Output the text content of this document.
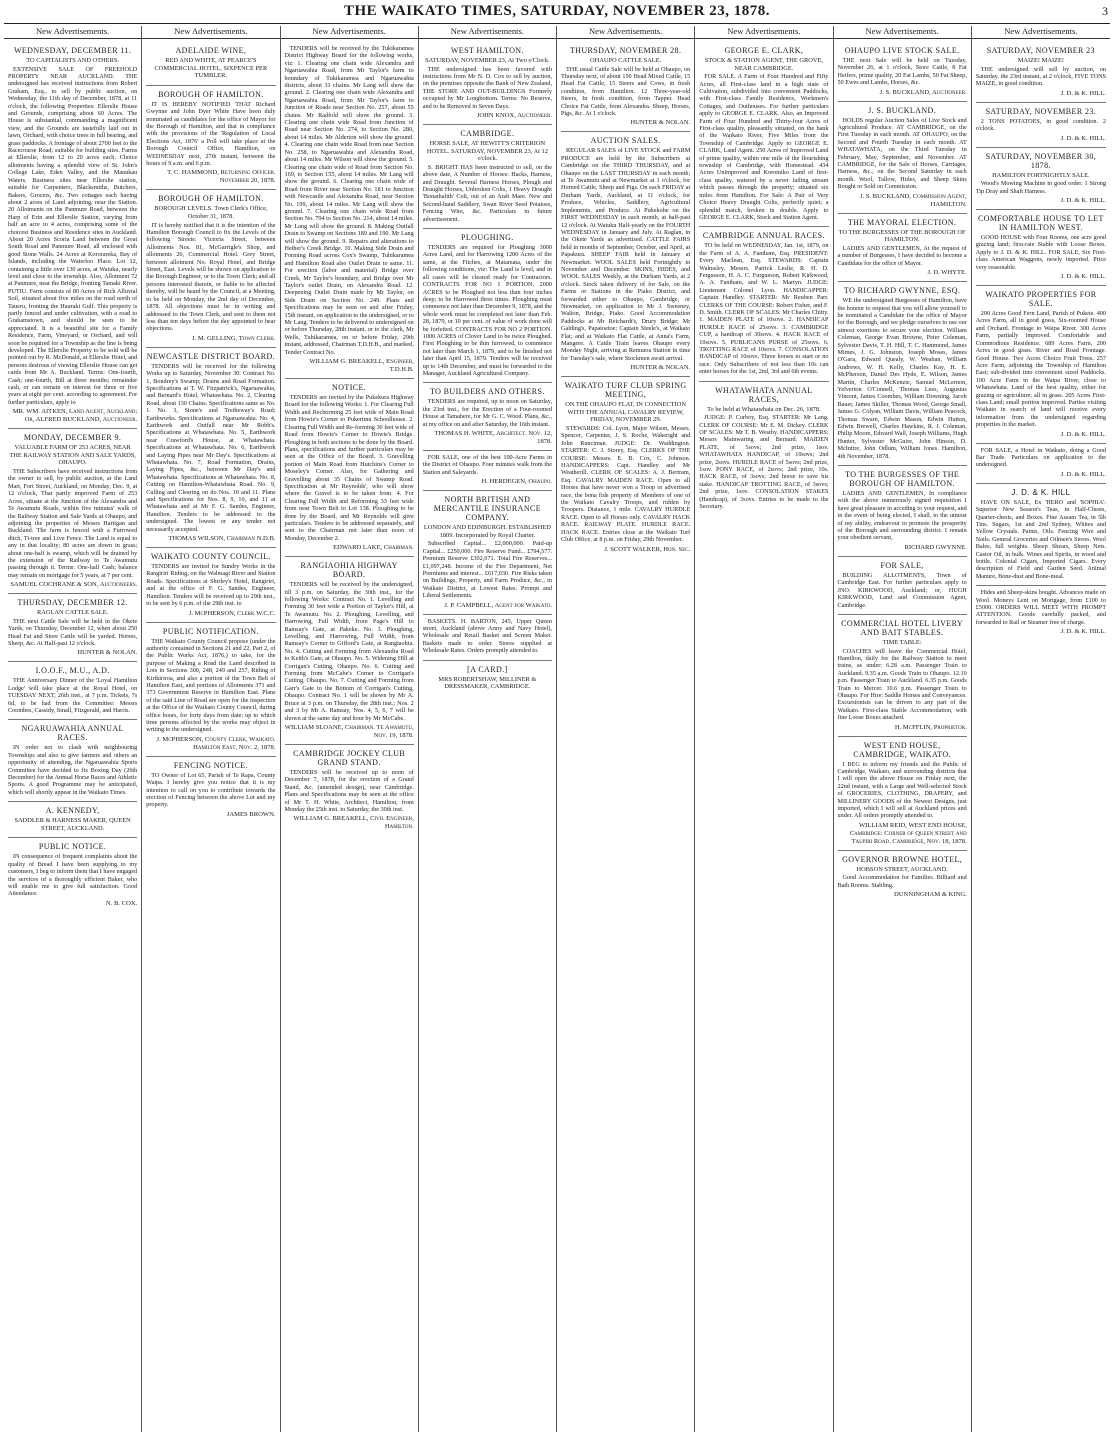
THE WAIKATO TIMES, SATURDAY, NOVEMBER 23, 1878.	3
New Advertisements.
WEDNESDAY, DECEMBER 11.
TO CAPITALISTS AND OTHERS.

EXTENSIVE SALE OF FREEHOLD PROPERTY NEAR AUCKLAND. THE undersigned has received instructions from Robert Graham, Esq., to sell by public auction, on Wednesday, the 11th day of December, 1878, at 11 o'clock, the following Properties: Ellerslie House and Grounds, comprising about 60 Acres. The House is substantial, commanding a magnificent view, and the Grounds are tastefully laid out in lawn, Orchard, with choice trees in full bearing, and grass paddocks. A frontage of about 2700 feet to the Racecourse Road; suitable for building sites. Farms at Ellerslie, from 12 to 20 acres each. Choice allotments having a splendid view of St. John's College Lake, Eden Valley, and the Manukau Waters. Business sites near Ellerslie station, suitable for Carpenters, Blacksmiths, Butchers, Bakers, Grocers, &c. Two cottages each having about 2 acres of Land adjoining, near the Station. 20 Allotments on the Panmure Road, between the Harp of Erin and Ellerslie Station, varying from half an acre to 4 acres, comprising some of the choicest Business and Residence sites in Auckland. About 20 Acres Scoria Land between the Great South Road and Panmure Road, all enclosed with good Stone Walls. 24 Acres at Kororareka, Bay of Islands, including the Waterloo Place. Lot 12, containing a little over 130 acres, at Waiuku, nearly level and close to the township. Also, Allotment 72 at Panmure, near the Bridge, fronting Tamaki River. PUTIU. Farm consists of 80 Acres of Rich Alluvial Soil, situated about five miles on the road north of Taueru, fronting the Hauraki Gulf. This property is partly fenced and under cultivation, with a road to Grahamstown, and should be seen to be appreciated. It is a beautiful site for a Family Residence, Farm, Vineyard, or Orchard, and will soon be required for a Township as the line is being developed. The Ellerslie Property to be sold will be pointed out by R. McDonald, at Ellerslie Hotel, and persons desirous of viewing Ellerslie House can get cards from Mr A. Buckland. Terms: One-fourth, Cash; one-fourth, Bill at three months; remainder cash, or can remain on interest for three or five years at eight per cent. according to agreement. For further particulars, apply to

MR. WM. AITKEN, Land Agent, Auckland; Or, ALFRED BUCKLAND, Auctioneer.
MONDAY, DECEMBER 9.
VALUABLE FARM OF 253 ACRES, NEAR THE RAILWAY STATION AND SALE YARDS, OHAUPO.

THE Subscribers have received instructions from the owner to sell, by public auction, at the Land Mart, Fort Street, Auckland, on Monday, Dec. 9, at 12 o'clock, That partly improved Farm of 253 Acres, situate at the Junction of the Alexandra and Te Awamutu Roads, within five minutes' walk of the Railway Station and Sale Yards at Ohaupo, and adjoining the properties of Messrs Hartigan and Buckland. The farm is fenced with a Furrowed ditch, Ti-tree and Live Fence. The Land is equal to any in that locality; 80 acres are down in grass; about one-half is swamp, which will be drained by the extension of the Railway to Te Awamutu passing through it. Terms: One-half Cash; balance may remain on mortgage for 5 years, at 7 per cent.

SAMUEL COCHRANE & SON, Auctioneers.
THURSDAY, DECEMBER 12.
RAGLAN CATTLE SALE.

THE next Cattle Sale will be held in the Okete Yards, on Thursday, December 12, when about 250 Head Fat and Store Cattle will be yarded. Horses, Sheep, &c. At Half-past 12 o'clock.

HUNTER & NOLAN.
I.O.O.F., M.U., A.D.

THE Anniversary Dinner of the 'Loyal Hamilton Lodge' will take place at the Royal Hotel, on TUESDAY NEXT, 26th inst., at 7 p.m. Tickets, 7s 6d, to be had from the Committee: Messrs Coombes, Cassidy, Small, Fitzgerald, and Harris.

NGARUAWAHIA ANNUAL RACES.

IN order not to clash with neighbouring Townships and also to give farmers and others an opportunity of attending, the Ngaruawahia Sports Committee have decided to fix Boxing Day (26th December) for the Annual Horse Races and Athletic Sports. A good Programme may be anticipated, which will shortly appear in the Waikato Times.

A. KENNEDY,
SADDLER & HARNESS MAKER, QUEEN STREET, AUCKLAND.
PUBLIC NOTICE.

IN consequence of frequent complaints about the quality of Bread I have been supplying to my customers, I beg to inform them that I have engaged the services of a thoroughly efficient Baker, who will enable me to give full satisfaction. Good Attendance.

N. B. COX.
New Advertisements.
ADELAIDE WINE,
RED AND WHITE, AT PEARCE'S COMMERCIAL HOTEL, SIXPENCE PER TUMBLER.
BOROUGH OF HAMILTON.

IT IS HEREBY NOTIFIED THAT Richard Gwynne and John Dyer White Have been duly nominated as candidates for the office of Mayor for the Borough of Hamilton, and that in compliance with the provisions of the 'Regulation of Local Elections Act, 1876' a Poll will take place at the Borough Council Office, Hamilton, on WEDNESDAY next, 27th instant, between the hours of 9 a.m. and 6 p.m.

T. C. HAMMOND, Returning Officer. November 20, 1878.
BOROUGH OF HAMILTON.
BOROUGH LEVELS. Town Clerk's Office, October 31, 1878.

IT is hereby notified that it is the intention of the Hamilton Borough Council to fix the Levels of the following Streets: Victoria Street, between Allotments Nos. 81, McGarrigle's Shop, and allotments 26, Commercial Hotel. Grey Street, between allotment No. Royal Hotel, and Bridge Street, East. Levels will be shown on application to the Borough Engineer, or to the Town Clerk; and all persons interested therein, or liable to be affected thereby, will be heard by the Council, at a Meeting, to be held on Monday, the 2nd day of December, 1878. All objections must be in writing and addressed to the Town Clerk, and sent to them not less than ten days before the day appointed to hear objections.

J. M. GELLING, Town Clerk.
NEWCASTLE DISTRICT BOARD.

TENDERS will be received for the following Works up to Saturday, November 30: Contract No. 1, Boudrey's Swamp; Drains and Road Formation. Specifications at T. W. Fitzpatrick's, Ngaruawahia, and Bernard's Hotel, Whatawhata. No. 2, Clearing Road, about 130 Chains. Specifications same as No. 1. No. 3, Stone's and Tretheway's Road; Earthworks. Specifications at Ngaruawahia. No. 4, Earthwork and Outfall near Mr Robb's. Specifications at Whatawhata. No. 5, Earthwork near Crawford's House, at Whatawhata. Specifications at Whatawhata. No. 6, Earthwork and Laying Pipes near Mr Day's. Specifications at Whatawhata. No. 7, Road Formation, Drains, Laying Pipes, &c., between Mr Day's and Whatawhata. Specifications at Whatawhata. No. 8, Cutting on Hamilton-Whatawhata Road. No. 9, Culling and Clearing on do Nos. 10 and 11. Plans and Specifications for Nos. 8, 9, 10, and 11 at Whatawhata and at Mr F. G. Sandes, Engineer, Hamilton. Tenders to be addressed to the undersigned. The lowest or any tender not necessarily accepted.

THOMAS WILSON, Chairman N.D.B.
WAIKATO COUNTY COUNCIL.

TENDERS are invited for Sundry Works in the Rangiriri Riding, on the Walmagi River and Station Roads. Specifications at Shirley's Hotel, Rangiriri, and at the office of F. G. Sandes, Engineer, Hamilton. Tenders will be received up to 29th inst., to be sent by 6 p.m. of the 29th inst. to

J. McPHERSON, Clerk W.C.C.
PUBLIC NOTIFICATION.

THE Waikato County Council propose (under the authority contained in Sections 21 and 22, Part 2, of the Public Works Act, 1876,) to take, for the purpose of Making a Road the Land described in Lots in Sections 300, 248, 249 and 257, Riding of Kirikiriroa, and also a portion of the Town Belt of Hamilton East, and portions of Allotments 371 and 373 Government Reserve in Hamilton East. Plans of the said Line of Road are open for the inspection at the Office of the Waikato County Council, during office hours, for forty days from date; up to which time persons affected by the works may object in writing to the undersigned.

J. McPHERSON, County Clerk, Waikato. Hamilton East, Nov. 2, 1878.
FENCING NOTICE.

TO Owner of Lot 65, Parish of Te Rapa, County Waipa. I hereby give you notice that it is my intention to call on you to contribute towards the erection of Fencing between the above Lot and my property.

JAMES BROWN.
New Advertisements.

TENDERS will be received by the Tukikaramea District Highway Board for the following works, viz: 1. Clearing one chain wide Alexandra and Ngaruawahia Road, from Mr Taylor's farm to boundary of Tukikaramea and Ngaruawahia districts, about 31 chains. Mr Lang will show the ground. 2. Clearing one chain wide Alexandra and Ngaruawahia Road, from Mr Taylor's farm to Junction of Roads near Section No. 257, about 55 chains. Mr Radfold will show the ground. 3. Clearing one chain wide Road from Junction of Road near Section No. 274, to Section No. 280, about 14 miles. Mr Alderton will show the ground. 4. Clearing one chain wide Road from near Section No. 258, to Ngaruawahia and Alexandra Road, about 14 miles. Mr Wilson will show the ground. 5. Clearing one chain wide of Road from Section No. 169, to Section 155, about 14 miles. Mr Lang will show the ground. 6. Clearing one chain wide of Road from River near Section No. 181 to Junction with Newcastle and Alexandra Road, near Section No. 199, about 14 miles. Mr Lang will show the ground. 7. Clearing one chain wide Road from Section No. 794 to Section No. 214, about 14 miles. Mr Lang will show the ground. 8. Making Outfall Drain to Swamp on Sections 189 and 190. Mr Lang will show the ground. 9. Repairs and alterations to Hether's Creek Bridge. 10. Making Side Drain and Forming Road across Cox's Swamp, Tuhikaramea and Hamilton Road also Outlet Drain to same. 11. For erection (labor and material) Bridge over Creek, Mr Taylor's boundary, and Bridge over Mr Taylor's outlet Drain, on Alexandra Road. 12. Deepening Outlet Drain made by Mr Taylor, on Side Drain on Section No. 249. Plans and Specifications may be seen on and after Friday, 15th instant, on application to the undersigned, or to Mr Lang. Tenders to be delivered to undersigned on or before Thursday, 28th instant, or to the clerk, Mr Wells, Tuhikaramea, on or before Friday, 29th instant, addressed, Chairman T.D.H.B., and marked, Tender Contract No.

WILLIAM G. BREAKELL, Engineer, T.D.H.B.
NOTICE.

TENDERS are invited by the Pukekura Highway Board for the following Works: 1. For Clearing Full Width and Rechorming 25 feet wide of Main Road from Howie's Corner to Pukerimu Schoolhouse. 2. Clearing Full Width and Re-forming 30 feet wide of Road from Howie's Corner to Howie's Bridge. Ploughing in both sections to be done by the Board. Plans, specifications and further particulars may be seen at the Office of the Board. 3. Gravelling portion of Main Road from Hutchins's Corner to Moseley's Corner. Also, for Gathering and Gravelling about 35 Chains of Swamp Road. Specification at Mr Reynolds', who will show where the Gravel is to be taken from. 4. For Clearing Full Width and Reforming 33 feet wide from near Town Belt to Lot 138. Ploughing to be done by the Board, and Mr Reynolds will give particulars. Tenders to be addressed separately, and sent to the Chairman not later than noon of Monday, December 2.

EDWARD LAKE, Chairman.
RANGIAOHIA HIGHWAY BOARD.

TENDERS will be received by the undersigned, till 3 p.m. on Saturday, the 30th inst., for the following Works: Contract No. 1. Levelling and Forming 30 feet wide a Portion of Taylor's Hill, at Te Awamutu. No. 2. Ploughing, Levelling, and Harrowing, Full Width, from Page's Hill to Ramsay's Gate, at Pakeke. No. 3. Ploughing, Levelling, and Harrowing, Full Width, from Ramsay's Corner to Gifford's Gate, at Rangiaohia. No. 4. Cutting and Forming from Alexandra Road to Keith's Gate, at Ohaupo. No. 5. Widening Hill at Corrigan's Cutting, Ohaupo. No. 6. Cutting and Forming from McCabe's Corner to Corrigan's Cutting, Ohaupo. No. 7. Cutting and Forming from Garr's Gate to the Bottom of Corrigan's Cutting, Ohaupo. Contract No. 1 will be shown by Mr A. Bruce at 3 p.m. on Thursday, the 28th inst.; Nos. 2 and 3 by Mr A. Ramsay, Nos. 4, 5, 6, 7 will be shown at the same day and hour by Mr McCabe.

WILLIAM SLOANE, Chairman. Te Awamutu, Nov. 19, 1878.
CAMBRIDGE JOCKEY CLUB GRAND STAND.

TENDERS will be received up to noon of December 7, 1878, for the erection of a Grand Stand, &c. (amended design), near Cambridge. Plans and Specifications may be seen at the office of Mr T. H. White, Architect, Hamilton, from Monday the 25th inst. to Saturday, the 30th inst.

WILLIAM G. BREAKELL, Civil Engineer, Hamilton.
New Advertisements.
WEST HAMILTON.
SATURDAY, NOVEMBER 23, At Two o'Clock.

THE undersigned has been favored with instructions from Mr N. D. Cox to sell by auction, on the premises opposite the Bank of New Zealand, THE STORE AND OUT-BUILDINGS Formerly occupied by Mr Longbottom. Terms: No Reserve, and to be Removed in Seven Days.

JOHN KNOX, Auctioneer.
CAMBRIDGE.
HORSE SALE, AT HEWITT'S CRITERION HOTEL. SATURDAY, NOVEMBER 23, At 12 o'clock.

S. BRIGHT HAS been instructed to sell, on the above date, A Number of Horses: Hacks, Harness, and Draught. Several Harness Horses, Plough and Draught Horses, Unbroken Colts, 1 Heavy Draught 'Bonathalith' Colt, out of an Arab Mare. New and Second-hand Saddlery, Swan River Seed Potatoes, Fencing Wire, &c. Particulars in future advertisement.

PLOUGHING.

TENDERS are required for Ploughing 3000 Acres Land, and for Harrowing 1200 Acres of the same, at the Fitches, at Matamata, under the following conditions, viz: The Land is level, and in all cases will be cleared ready for Contractors. CONTRACTS FOR NO 1 PORTION. 2000 ACRES to be Ploughed not less than four inches deep; to be Harrowed three times. Ploughing must commence not later than December 9, 1878, and the whole work must be completed not later than Feb. 28, 1879, or 10 per cent. of value of work done will be forfeited. CONTRACTS FOR NO 2 PORTION. 1000 ACRES of Clover Land to be twice Ploughed. First Ploughing to be thin furrowed, to commence not later than March 1, 1879, and to be finished not later than April 15, 1879. Tenders will be received up to 14th December, and must be forwarded to the Manager, Auckland Agricultural Company.

TO BUILDERS AND OTHERS.

TENDERS are required, up to noon on Saturday, the 23rd inst., for the Erection of a Four-roomed House at Tamahere, for Mr G. C. Wood. Plans, &c., at my office on and after Saturday, the 16th instant.

THOMAS H. WHITE, Architect. Nov. 12, 1878.

FOR SALE, one of the best 100-Acre Farms in the District of Ohaupo. Four minutes walk from the Station and Saleyards.

H. HERDEGEN, Ohaupo.
NORTH BRITISH AND MERCANTILE INSURANCE COMPANY.
LONDON AND EDINBURGH. ESTABLISHED 1809. Incorporated by Royal Charter.

Subscribed Capital... £2,000,000. Paid-up Capital... £250,000. Fire Reserve Fund... £794,577. Premium Reserve £302,671. Total Fire Reserves... £1,097,248. Income of the Fire Department, Net Premiums and interest... £617,030. Fire Risks taken on Buildings, Property, and Farm Produce, &c., in Waikato District, at Lowest Rates. Prompt and Liberal Settlements.

J. P. CAMPBELL, Agent for Waikato.

BASKETS. H. BARTON, 245, Upper Queen street, Auckland (above Army and Navy Hotel), Wholesale and Retail Basket and Screen Maker. Baskets made to order. Stores supplied at Wholesale Rates. Orders promptly attended to.

[A CARD.]
MRS ROBERTSHAW, MILLINER & DRESSMAKER, CAMBRIDGE.
New Advertisements.
THURSDAY, NOVEMBER 28.
OHAUPO CATTLE SALE.

THE usual Cattle Sale will be held at Ohaupo, on Thursday next, of about 150 Head Mixed Cattle, 15 Head Fat Cattle, 15 Steers and Cows, in fresh condition, from Hamilton. 12 Three-year-old Steers, In fresh condition, from Tapper. Head Choice Fat Cattle, from Alexandra. Sheep, Horses, Pigs, &c. At 1 o'clock.

HUNTER & NOLAN.
AUCTION SALES.

REGULAR SALES of LIVE STOCK and FARM PRODUCE are held by the Subscribers at Cambridge on the THIRD THURSDAY, and at Ohaupo on the LAST THURSDAY in each month; at Te Awamutu and at Newmarket at 1 o'clock, for Horned Cattle, Sheep and Pigs. On each FRIDAY at Durham Yards, Auckland, at 11 o'clock, for Produce, Vehicles, Saddlery, Agricultural Implements, and Produce. At Pukekohe on the FIRST WEDNESDAY in each month, at half-past 12 o'clock. At Waiuku Half-yearly on the FOURTH WEDNESDAY in January and July. At Raglan, in the Okete Yards as advertised. CATTLE FAIRS held in months of September, October, and April, at Papakura. SHEEP FAIR held in January at Newmarket. WOOL SALES held Fortnightly in November and December. SKINS, HIDES, and WOOL SALES Weekly, at the Durham Yards, at 2 o'clock. Stock taken delivery of for Sale, on the Farms or Stations in the Piako District, and forwarded either to Ohaupo, Cambridge, or Newmarket, on application to Mr J. Sweeney, Walton, Bridge, Piako. Good Accommodation Paddocks at Mr Reichardt's, Drury Bridge; Mr Galding's, Papatoetoe; Captain Steele's, at Waikato Flat; and at Waikato Flat Cattle, at Anna's Farm, Mangere. A Cattle Train leaves Ohaupo every Monday Night, arriving at Remuera Station in time for Tuesday's sale, where Stockmen await arrival.

HUNTER & NOLAN.
WAIKATO TURF CLUB SPRING MEETING,
ON THE OHAUPO FLAT, IN CONNECTION WITH THE ANNUAL CAVALRY REVIEW, FRIDAY, NOVEMBER 29.

STEWARDS: Col. Lyon, Major Wilson, Messrs. Spencer, Carpenter, J. S. Roche, Wakeright and John Runciman. JUDGE: Dr. Waddington. STARTER: C. J. Storey, Esq. CLERKS OF THE COURSE: Messrs. E. B. Cox, C. Johnson. HANDICAPPERS: Capt. Handley and Mr Weatherill. CLERK OF SCALES: A. J. Bertram, Esq. CAVALRY MAIDEN RACE. Open to all Horses that have never won a Troop or advertised race, the bona fide property of Members of one of the Waikato Cavalry Troops, and ridden by Troopers. Distance, 1 mile. CAVALRY HURDLE RACE. Open to all Horses only. CAVALRY HACK RACE. RAILWAY PLATE. HURDLE RACE. HACK RACE. Entries close at the Waikato Turf Club Office, at 8 p.m. on Friday, 29th November.

J. SCOTT WALKER, Hon. Sec.
New Advertisements.
GEORGE E. CLARK,
STOCK & STATION AGENT, THE GROVE, NEAR CAMBRIDGE.

FOR SALE. A Farm of Four Hundred and Fifty Acres, all First-class land in a high state of Cultivation, subdivided into convenient Paddocks, with First-class Family Residence, Workmen's Cottages, and Outhouses. For further particulars apply to GEORGE E. CLARK. Also, an Improved Farm of Four Hundred and Thirty-four Acres of First-class quality, pleasantly situated, on the bank of the Waikato River, Five Miles from the Township of Cambridge. Apply to GEORGE E. CLARK, Land Agent. 250 Acres of Improved Land of prime quality, within one mile of the flourishing township of Cambridge, with Homestead. 434 Acres Unimproved and Koromiko Land of first-class quality, watered by a never failing stream which passes through the property; situated six miles from Hamilton. For Sale: A Pair of Very Choice Heavy Draught Colts, perfectly quiet; a splendid match, broken in double. Apply to GEORGE E. CLARK, Stock and Station Agent.

CAMBRIDGE ANNUAL RACES.

TO be held on WEDNESDAY, Jan. 1st, 1879, on the Farm of A. A. Fantham, Esq. PRESIDENT: Every Maclean, Esq. STEWARDS: Captain Walmsley, Messrs. Patrick Leslie, R. H. D. Fergusson, H. A. C. Furgueson, Robert Kirkwood, A. A. Fantham, and W. L. Martyn. JUDGE: Lieutenant Colonel Lyon. HANDICAPPER: Captain Handley. STARTER: Mr Reuben Parr. CLERKS OF THE COURSE: Robert Fisher, and F. D. Smith. CLERK OF SCALES: Mr Charles Chitty. 1. MAIDEN PLATE of 10sovs. 2. HANDICAP HURDLE RACE of 25sovs. 3. CAMBRIDGE CUP, a handicap of 30sovs. 4. HACK RACE of 10sovs. 5. PUBLICANS PURSE of 25sovs. 6. TROTTING RACE of 10sovs. 7. CONSOLATION HANDICAP of 10sovs. Three horses to start or no race. Only Subscribers of not less than 10s can enter horses for the 1st, 2nd, 3rd and 6th events.

WHATAWHATA ANNUAL RACES,
To be held at Whatawhata on Dec. 26, 1878.

JUDGE: P. Corboy, Esq. STARTER: Mr Lang. CLERK OF COURSE: Mr E. M. Dickey. CLERK OF SCALES: Mr T. B. Westby. HANDICAPPERS: Messrs Mainwaring and Bernard. MAIDEN PLATE, of 5sovs; 2nd prize, 1sov. WHATAWHATA HANDICAP, of 10sovs; 2nd prize, 2sovs. HURDLE RACE of 5sovs; 2nd prize, 1sov. PONY RACE, of 2sovs; 2nd prize, 10s. HACK RACE, of 3sovs; 2nd horse to save his stake. HANDICAP TROTTING RACE, of 3sovs; 2nd prize, 1sov. CONSOLATION STAKES (Handicap), of 3sovs. Entries to be made to the Secretary.

New Advertisements.
OHAUPO LIVE STOCK SALE.

THE next Sale will be held on Tuesday, November 26, at 1 o'clock, Store Cattle, 8 Fat Heifers, prime quality, 20 Fat Lambs, 50 Fat Sheep, 50 Ewes and Lambs, Horses, &c.

J. S. BUCKLAND, Auctioneer.
J. S. BUCKLAND.

HOLDS regular Auction Sales of Live Stock and Agricultural Produce. AT CAMBRIDGE, on the First Tuesday in each month. AT OHAUPO, on the Second and Fourth Tuesday in each month. AT WHATAWHATA, on the Third Tuesday in February, May, September, and November. AT CAMBRIDGE, for the Sale of Horses, Carriages, Harness, &c., on the Second Saturday in each month. Wool, Tallow, Hides, and Sheep Skins Bought or Sold on Commission.

J. S. BUCKLAND, Commission Agent, HAMILTON.
THE MAYORAL ELECTION.
TO THE BURGESSES OF THE BOROUGH OF HAMILTON.

LADIES AND GENTLEMEN, At the request of a number of Burgesses, I have decided to become a Candidate for the office of Mayor.

J. D. WHYTE.
TO RICHARD GWYNNE, ESQ.

WE the undersigned Burgesses of Hamilton, have the honour to request that you will allow yourself to be nominated a Candidate for the office of Mayor for the Borough, and we pledge ourselves to use our utmost exertions to secure your election. William Coleman, George Evan Browne, Peter Coleman, Sylvester Davis, T. H. Hill, T. C. Hammond, James Mimes, J. G. Johnston, Joseph Moses, James O'Gara, Edward Quealy, W. Weaban, William Andrews, W. H. Kelly, Charles Kay, H. E. McPherson, Daniel Des Hyde, E. Wilson, James Martin, Charles McKenzie, Samuel McLernon, Yelverton O'Connell, Thomas Lees, Augustus Vincent, James Coombes, William Downing, Jacob Bauer, James Skiller, Thomas Wood, George Small, James G. Colyan, William Davis, William Peacock, Thomas Swarn, Edwin Mason, Edwin Hutton, Edwin Brewell, Charles Hawkins, R. J. Coleman, Philip Moore, Edward Wall, Joseph Williams, Hugh Hunter, Sylvester McGuire, John Hinson, D. McIntire, John Odlum, William Jones. Hamilton, 4th November, 1878.

TO THE BURGESSES OF THE BOROUGH OF HAMILTON.

LADIES AND GENTLEMEN, In compliance with the above numerously signed requisition I have great pleasure in acceding to your request, and in the event of being elected, I shall, to the utmost of my ability, endeavour to promote the prosperity of the Borough and surrounding district. I remain your obedient servant,

RICHARD GWYNNE.
FOR SALE,

BUILDING ALLOTMENTS, Town of Cambridge East. For further particulars apply to JNO. KIRKWOOD, Auckland; or, HUGH KIRKWOOD, Land and Commission Agent, Cambridge.

COMMERCIAL HOTEL LIVERY AND BAIT STABLES.
TIME TABLE:

COACHES will leave the Commercial Hotel, Hamilton, daily for the Railway Station to meet trains, as under: 6.28 a.m. Passenger Train to Auckland. 9.35 a.m. Goods Train to Ohaupo. 12.10 p.m. Passenger Train to Auckland. 6.35 p.m. Goods Train to Mercer. 10.6 p.m. Passenger Train to Ohaupo. For Hire: Saddle Horses and Conveyances. Excursionists can be driven to any part of the Waikato. First-class Stable Accommodation, with fine Loose Boxes attached.

H. McFFLIN, Proprietor.
WEST END HOUSE, CAMBRIDGE, WAIKATO.

I BEG to inform my friends and the Public of Cambridge, Waikato, and surrounding districts that I will open the above House on Friday next, the 22nd instant, with a Large and Well-selected Stock of GROCERIES, CLOTHING, DRAPERY, and MILLINERY GOODS of the Newest Designs, just imported, which I will sell at Auckland prices and under. All orders promptly attended to.

WILLIAM REID, WEST END HOUSE, Cambridge: Corner of Queen Street and Taupiri Road. Cambridge, Nov. 18, 1878.
GOVERNOR BROWNE HOTEL,
HOBSON STREET, AUCKLAND.

Good Accommodation for Families. Billiard and Bath Rooms. Stabling.

DUNNINGHAM & KING.
New Advertisements.
SATURDAY, NOVEMBER 23
MAIZE! MAIZE!

THE undersigned will sell by auction, on Saturday, the 23rd instant, at 2 o'clock, FIVE TONS MAIZE, in good condition.

J. D. & K. HILL.
SATURDAY, NOVEMBER 23.

2 TONS POTATOES, in good condition. 2 o'clock.

J. D. & K. HILL.
SATURDAY, NOVEMBER 30, 1878.
HAMILTON FORTNIGHTLY SALE.

Wood's Mowing Machine in good order. 1 Strong Tip Dray and Shaft Harness.

J. D. & K. HILL.
COMFORTABLE HOUSE TO LET IN HAMILTON WEST.

GOOD HOUSE with Four Rooms, one acre good grazing land; first-rate Stable with Loose Boxes. Apply to J. D. & K. HILL. FOR SALE, Six First-class American Waggons, newly imported. Price very reasonable.

J. D. & K. HILL.
WAIKATO PROPERTIES FOR SALE.

200 Acres Good Fern Land, Parish of Pukete. 400 Acres Farm, all in good grass, Six-roomed House and Orchard. Frontage to Waipa River. 300 Acres Farm, partially improved. Comfortable and Commodious Residence. 689 Acres Farm, 200 Acres in good grass. River and Road Frontage. Good House. Two Acres Choice Fruit Trees. 257 Acre Farm, adjoining the Township of Hamilton East; sub-divided into convenient sized Paddocks. 100 Acre Farm in the Waipa River, close to Whatawhata. Land of the best quality, either for grazing or agriculture; all in grass. 205 Acres First-class Land; small portion improved. Parties visiting Waikato in search of land will receive every information from the undersigned regarding properties in the market.

J. D. & K. HILL.

FOR SALE, a Hotel in Waikato, doing a Good Bar Trade. Particulars on application to the undersigned.

J. D. & K. HILL.
J. D. & K. HILL

HAVE ON SALE, Ex 'HERO and 'SOPHIA': Superior New Season's Teas, in Half-Chests, Quarter-chests, and Boxes. Fine Assam Tea, in 5lb Tins. Sugars, 1st and 2nd Sydney, Whites and Yellow Crystals. Paints, Oils. Fencing Wire and Nails. General Groceries and Oilmen's Stores. Wool Bales, full weights. Sheep Shears, Sheep Nets. Castor Oil, in bulk. Wines and Spirits, in wood and bottle. Colonial Cigars, Imported Cigars. Every description of Field and Garden Seed. Animal Manure, Bone-dust and Bone-meal.

Hides and Sheep-skins bought. Advances made on Wool. Moneys Lent on Mortgage, from £100 to £5000. ORDERS WILL MEET WITH PROMPT ATTENTION. Goods carefully packed, and forwarded to Rail or Steamer free of charge.

J. D. & K. HILL.
